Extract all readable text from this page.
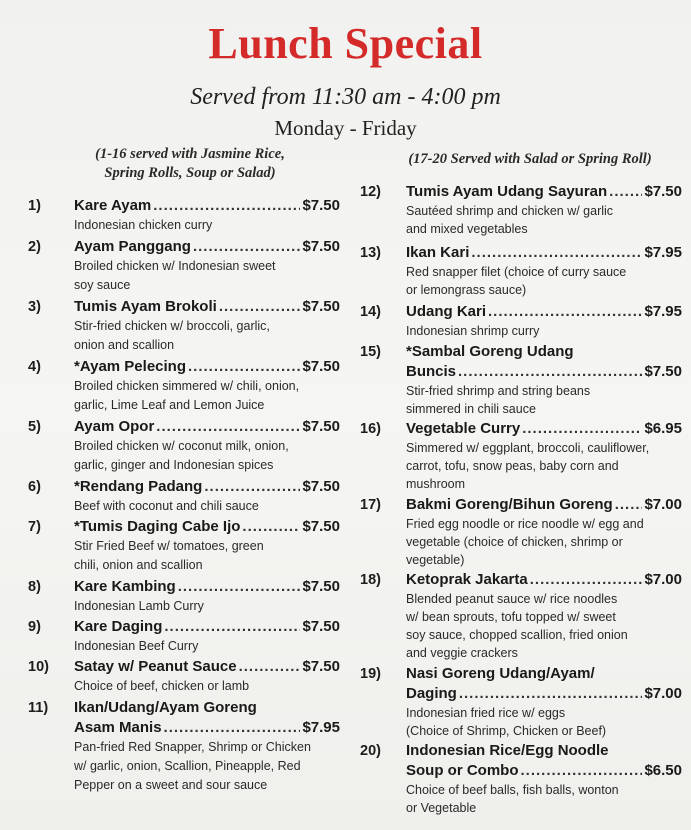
Lunch Special
Served from 11:30 am - 4:00 pm
Monday - Friday
(1-16 served with Jasmine Rice,
Spring Rolls, Soup or Salad)
(17-20 Served with Salad or Spring Roll)
1) Kare Ayam .....	$7.50
Indonesian chicken curry
2) Ayam Panggang .....	$7.50
Broiled chicken w/ Indonesian sweet
soy sauce
3) Tumis Ayam Brokoli .....	$7.50
Stir-fried chicken w/ broccoli, garlic,
onion and scallion
4) *Ayam Pelecing .....	$7.50
Broiled chicken simmered w/ chili, onion,
garlic, Lime Leaf and Lemon Juice
5) Ayam Opor .....	$7.50
Broiled chicken w/ coconut milk, onion,
garlic, ginger and Indonesian spices
6) *Rendang Padang .....	$7.50
Beef with coconut and chili sauce
7) *Tumis Daging Cabe Ijo .....	$7.50
Stir Fried Beef w/ tomatoes, green
chili, onion and scallion
8) Kare Kambing .....	$7.50
Indonesian Lamb Curry
9) Kare Daging .....	$7.50
Indonesian Beef Curry
10) Satay w/ Peanut Sauce .....	$7.50
Choice of beef, chicken or lamb
11) Ikan/Udang/Ayam Goreng
Asam Manis .....	$7.95
Pan-fried Red Snapper, Shrimp or Chicken
w/ garlic, onion, Scallion, Pineapple, Red
Pepper on a sweet and sour sauce
12) Tumis Ayam Udang Sayuran ..... $7.50
Sautéed shrimp and chicken w/ garlic
and mixed vegetables
13) Ikan Kari .....	$7.95
Red snapper filet (choice of curry sauce
or lemongrass sauce)
14) Udang Kari .....	$7.95
Indonesian shrimp curry
15) *Sambal Goreng Udang
Buncis .....	$7.50
Stir-fried shrimp and string beans
simmered in chili sauce
16) Vegetable Curry .....	$6.95
Simmered w/ eggplant, broccoli, cauliflower,
carrot, tofu, snow peas, baby corn and
mushroom
17) Bakmi Goreng/Bihun Goreng ..... $7.00
Fried egg noodle or rice noodle w/ egg and
vegetable (choice of chicken, shrimp or
vegetable)
18) Ketoprak Jakarta .....	$7.00
Blended peanut sauce w/ rice noodles
w/ bean sprouts, tofu topped w/ sweet
soy sauce, chopped scallion, fried onion
and veggie crackers
19) Nasi Goreng Udang/Ayam/
Daging .....	$7.00
Indonesian fried rice w/ eggs
(Choice of Shrimp, Chicken or Beef)
20) Indonesian Rice/Egg Noodle
Soup or Combo .....	$6.50
Choice of beef balls, fish balls, wonton
or Vegetable
